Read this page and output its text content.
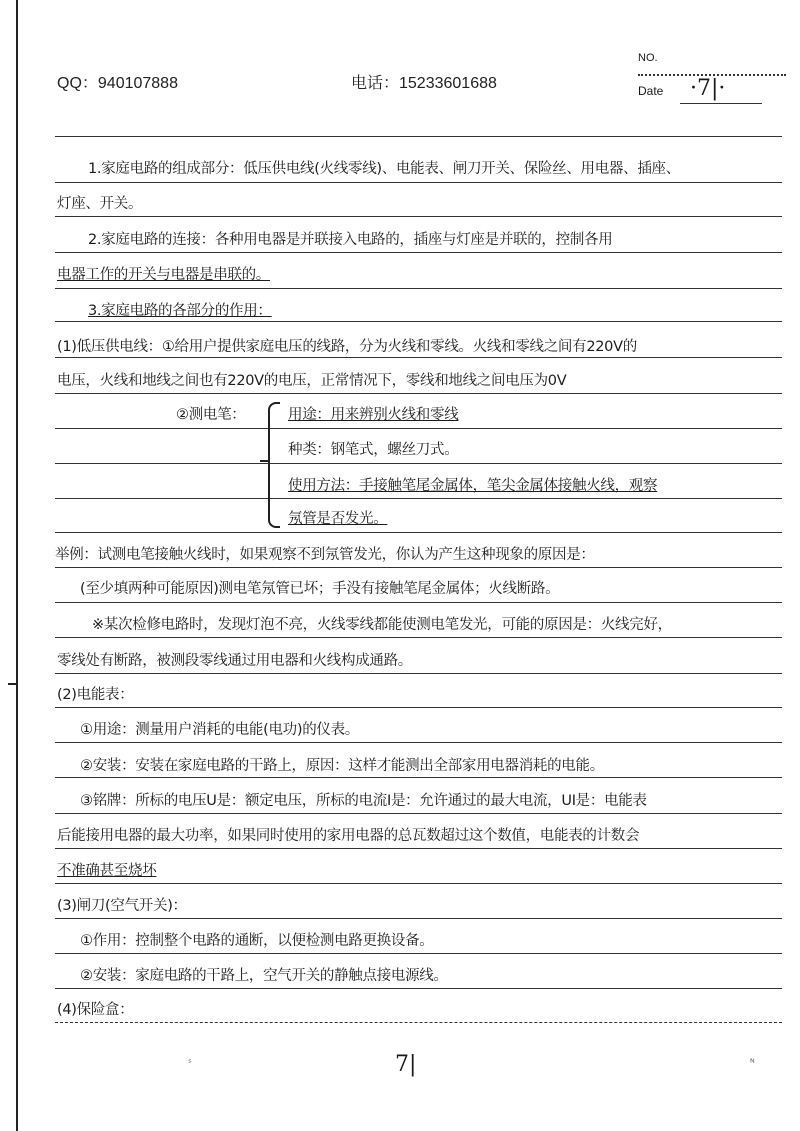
QQ：940107888	电话：15233601688
NO.
Date ·7|·
1.家庭电路的组成部分：低压供电线(火线零线)、电能表、闸刀开关、保险丝、用电器、插座、
灯座、开关。
2.家庭电路的连接：各种用电器是并联接入电路的，插座与灯座是并联的，控制各用
电器工作的开关与电器是串联的。
3.家庭电路的各部分的作用：
(1)低压供电线：①给用户提供家庭电压的线路，分为火线和零线。火线和零线之间有220V的
电压，火线和地线之间也有220V的电压，正常情况下，零线和地线之间电压为0V
②测电笔：	用途：用来辨别火线和零线
种类：钢笔式，螺丝刀式。
使用方法：手接触笔尾金属体，笔尖金属体接触火线，观察
氖管是否发光。
举例：试测电笔接触火线时，如果观察不到氖管发光，你认为产生这种现象的原因是：
(至少填两种可能原因)测电笔氖管已坏；手没有接触笔尾金属体；火线断路。
※某次检修电路时，发现灯泡不亮，火线零线都能使测电笔发光，可能的原因是：火线完好，
零线处有断路，被测段零线通过用电器和火线构成通路。
(2)电能表：
①用途：测量用户消耗的电能(电功)的仪表。
②安装：安装在家庭电路的干路上，原因：这样才能测出全部家用电器消耗的电能。
③铭牌：所标的电压U是：额定电压，所标的电流I是：允许通过的最大电流，UI是：电能表
后能接用电器的最大功率，如果同时使用的家用电器的总瓦数超过这个数值，电能表的计数会
不准确甚至烧坏
(3)闸刀(空气开关)：
①作用：控制整个电路的通断，以便检测电路更换设备。
②安装：家庭电路的干路上，空气开关的静触点接电源线。
(4)保险盒：
7|
ˢ	ᴺ
